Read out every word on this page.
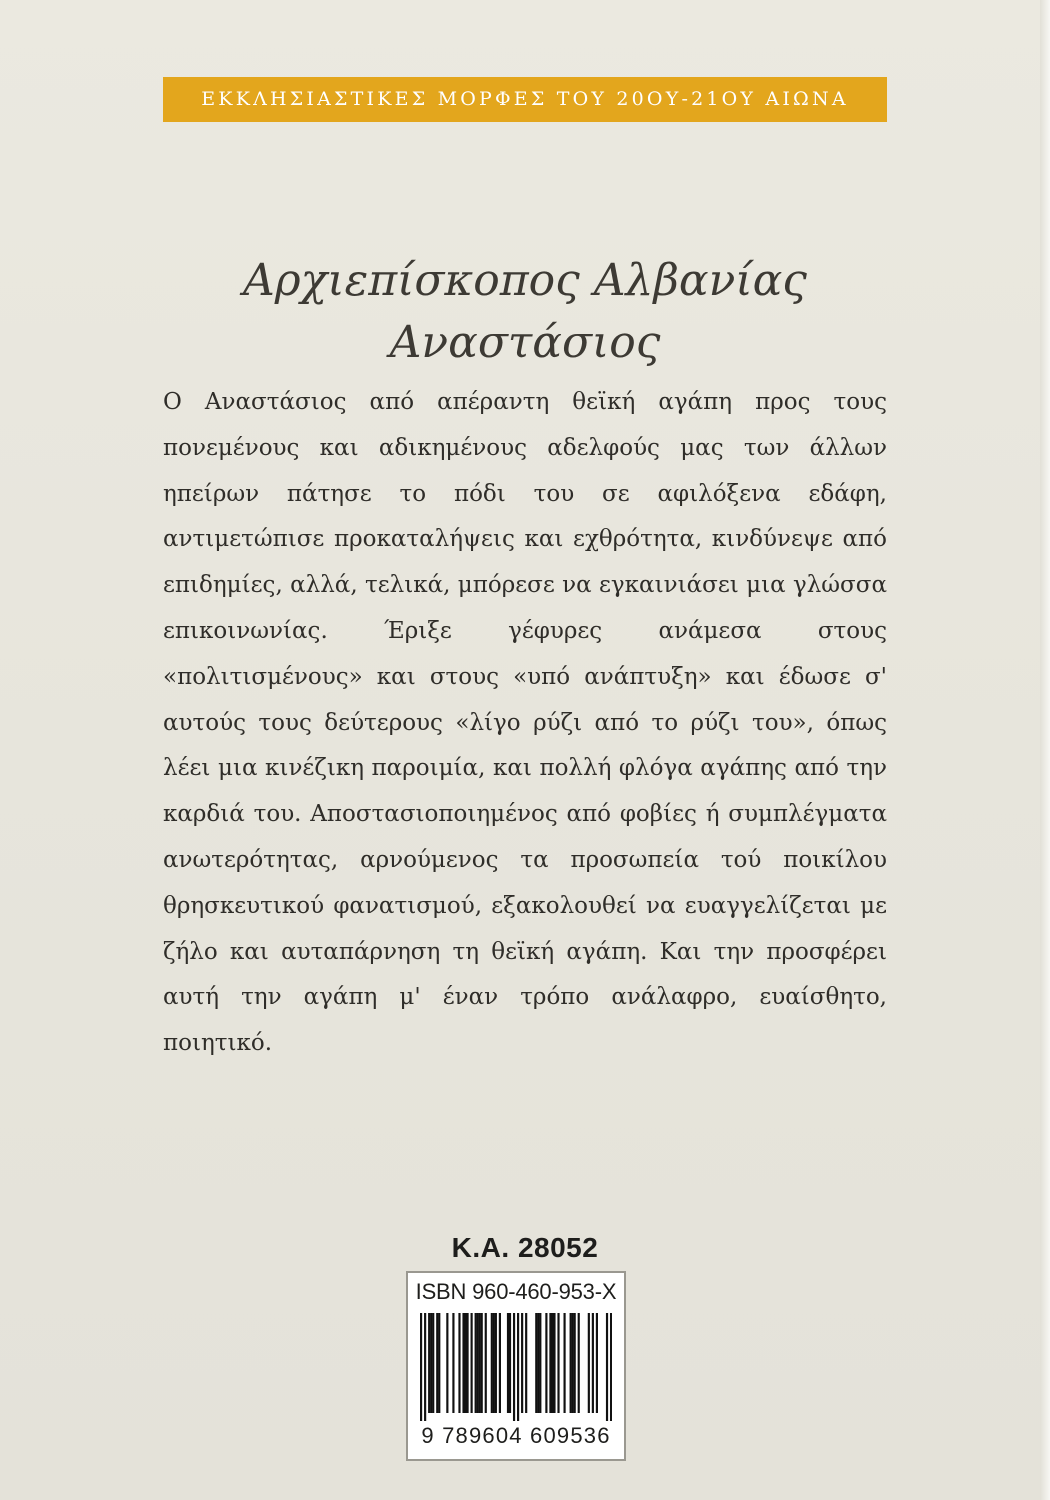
ΕΚΚΛΗΣΙΑΣΤΙΚΕΣ ΜΟΡΦΕΣ ΤΟΥ 20ΟΥ-21ΟΥ ΑΙΩΝΑ
Αρχιεπίσκοπος Αλβανίας
Αναστάσιος

Ο Αναστάσιος από απέραντη θεϊκή αγάπη προς τους πονεμένους και αδικημένους αδελφούς μας των άλλων ηπείρων πάτησε το πόδι του σε αφιλόξενα εδάφη, αντιμετώπισε προκαταλήψεις και εχθρότητα, κινδύνεψε από επιδημίες, αλλά, τελικά, μπόρεσε να εγκαινιάσει μια γλώσσα επικοινωνίας. Έριξε γέφυρες ανάμεσα στους «πολιτισμένους» και στους «υπό ανάπτυξη» και έδωσε σ' αυτούς τους δεύτερους «λίγο ρύζι από το ρύζι του», όπως λέει μια κινέζικη παροιμία, και πολλή φλόγα αγάπης από την καρδιά του. Αποστασιοποιημένος από φοβίες ή συμπλέγματα ανωτερότητας, αρνούμενος τα προσωπεία τού ποικίλου θρησκευτικού φανατισμού, εξακολουθεί να ευαγγελίζεται με ζήλο και αυταπάρνηση τη θεϊκή αγάπη. Και την προσφέρει αυτή την αγάπη μ' έναν τρόπο ανάλαφρο, ευαίσθητο, ποιητικό.

Κ.Α. 28052
ISBN 960-460-953-X
9 789604 609536
